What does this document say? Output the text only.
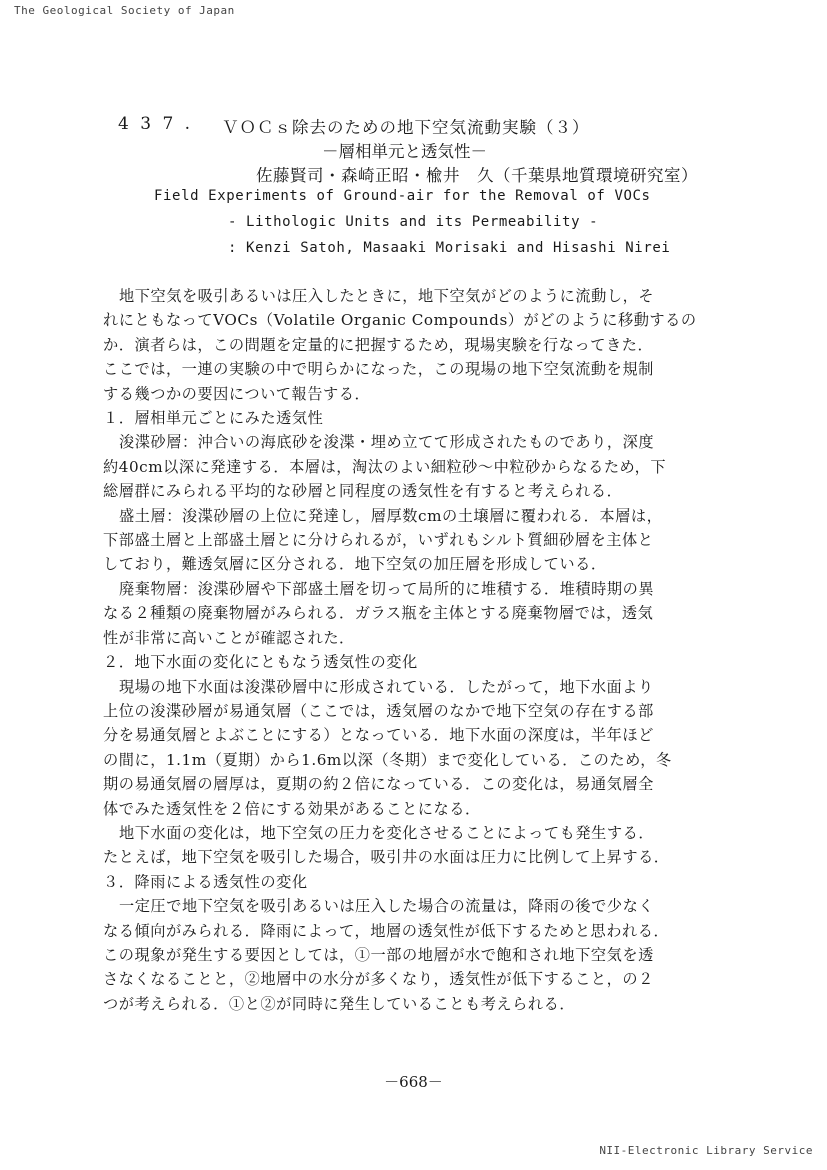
The Geological Society of Japan
4 3 7 . ＶＯＣｓ除去のための地下空気流動実験（３）
－層相単元と透気性－
佐藤賢司・森崎正昭・楡井　久（千葉県地質環境研究室）
Field Experiments of Ground-air for the Removal of VOCs
- Lithologic Units and its Permeability -
: Kenzi Satoh, Masaaki Morisaki and Hisashi Nirei

地下空気を吸引あるいは圧入したときに，地下空気がどのように流動し，そ

れにともなってVOCs（Volatile Organic Compounds）がどのように移動するの

か．演者らは，この問題を定量的に把握するため，現場実験を行なってきた．

ここでは，一連の実験の中で明らかになった，この現場の地下空気流動を規制

する幾つかの要因について報告する．

１．層相単元ごとにみた透気性

浚渫砂層：沖合いの海底砂を浚渫・埋め立てて形成されたものであり，深度

約40cm以深に発達する．本層は，淘汰のよい細粒砂～中粒砂からなるため，下

総層群にみられる平均的な砂層と同程度の透気性を有すると考えられる．

盛土層：浚渫砂層の上位に発達し，層厚数cmの土壌層に覆われる．本層は，

下部盛土層と上部盛土層とに分けられるが，いずれもシルト質細砂層を主体と

しており，難透気層に区分される．地下空気の加圧層を形成している．

廃棄物層：浚渫砂層や下部盛土層を切って局所的に堆積する．堆積時期の異

なる２種類の廃棄物層がみられる．ガラス瓶を主体とする廃棄物層では，透気

性が非常に高いことが確認された．

２．地下水面の変化にともなう透気性の変化

現場の地下水面は浚渫砂層中に形成されている．したがって，地下水面より

上位の浚渫砂層が易通気層（ここでは，透気層のなかで地下空気の存在する部

分を易通気層とよぶことにする）となっている．地下水面の深度は，半年ほど

の間に，1.1m（夏期）から1.6m以深（冬期）まで変化している．このため，冬

期の易通気層の層厚は，夏期の約２倍になっている．この変化は，易通気層全

体でみた透気性を２倍にする効果があることになる．

地下水面の変化は，地下空気の圧力を変化させることによっても発生する．

たとえば，地下空気を吸引した場合，吸引井の水面は圧力に比例して上昇する．

３．降雨による透気性の変化

一定圧で地下空気を吸引あるいは圧入した場合の流量は，降雨の後で少なく

なる傾向がみられる．降雨によって，地層の透気性が低下するためと思われる．

この現象が発生する要因としては，①一部の地層が水で飽和され地下空気を透

さなくなることと，②地層中の水分が多くなり，透気性が低下すること，の２

つが考えられる．①と②が同時に発生していることも考えられる．

－668－
NII-Electronic Library Service
